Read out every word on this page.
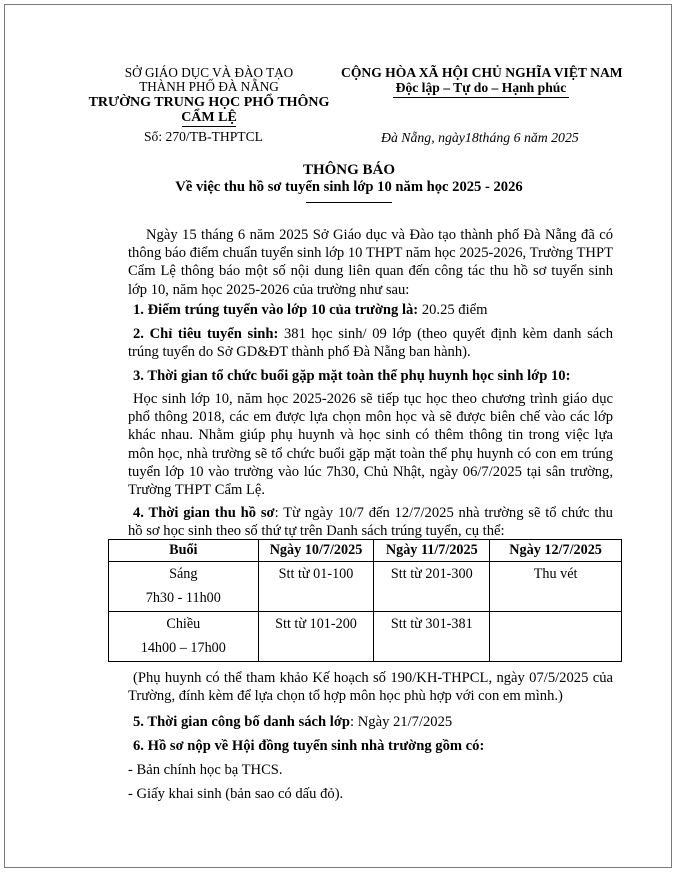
SỞ GIÁO DỤC VÀ ĐÀO TẠO
THÀNH PHỐ ĐÀ NẴNG
TRƯỜNG TRUNG HỌC PHỔ THÔNG
CẨM LỆ
Số: 270/TB-THPTCL
CỘNG HÒA XÃ HỘI CHỦ NGHĨA VIỆT NAM
Độc lập – Tự do – Hạnh phúc
Đà Nẵng, ngày18tháng 6 năm 2025
THÔNG BÁO
Về việc thu hồ sơ tuyển sinh lớp 10 năm học 2025 - 2026
Ngày 15 tháng 6 năm 2025 Sở Giáo dục và Đào tạo thành phố Đà Nẵng đã có thông báo điểm chuẩn tuyển sinh lớp 10 THPT năm học 2025-2026, Trường THPT Cẩm Lệ thông báo một số nội dung liên quan đến công tác thu hồ sơ tuyển sinh lớp 10, năm học 2025-2026 của trường như sau:
1. Điểm trúng tuyển vào lớp 10 của trường là: 20.25 điểm
2. Chỉ tiêu tuyển sinh: 381 học sinh/ 09 lớp (theo quyết định kèm danh sách trúng tuyển do Sở GD&ĐT thành phố Đà Nẵng ban hành).
3. Thời gian tổ chức buổi gặp mặt toàn thể phụ huynh học sinh lớp 10:
Học sinh lớp 10, năm học 2025-2026 sẽ tiếp tục học theo chương trình giáo dục phổ thông 2018, các em được lựa chọn môn học và sẽ được biên chế vào các lớp khác nhau. Nhằm giúp phụ huynh và học sinh có thêm thông tin trong việc lựa môn học, nhà trường sẽ tổ chức buổi gặp mặt toàn thể phụ huynh có con em trúng tuyển lớp 10 vào trường vào lúc 7h30, Chủ Nhật, ngày 06/7/2025 tại sân trường, Trường THPT Cẩm Lệ.
4. Thời gian thu hồ sơ: Từ ngày 10/7 đến 12/7/2025 nhà trường sẽ tổ chức thu hồ sơ học sinh theo số thứ tự trên Danh sách trúng tuyển, cụ thể:
Buổi	Ngày 10/7/2025	Ngày 11/7/2025	Ngày 12/7/2025

Sáng
7h30 - 11h00	Stt từ 01-100	Stt từ 201-300	Thu vét

Chiều
14h00 – 17h00	Stt từ 101-200	Stt từ 301-381	
(Phụ huynh có thể tham khảo Kế hoạch số 190/KH-THPCL, ngày 07/5/2025 của Trường, đính kèm để lựa chọn tổ hợp môn học phù hợp với con em mình.)
5. Thời gian công bố danh sách lớp: Ngày 21/7/2025
6. Hồ sơ nộp về Hội đồng tuyển sinh nhà trường gồm có:
- Bản chính học bạ THCS.
- Giấy khai sinh (bản sao có dấu đỏ).
